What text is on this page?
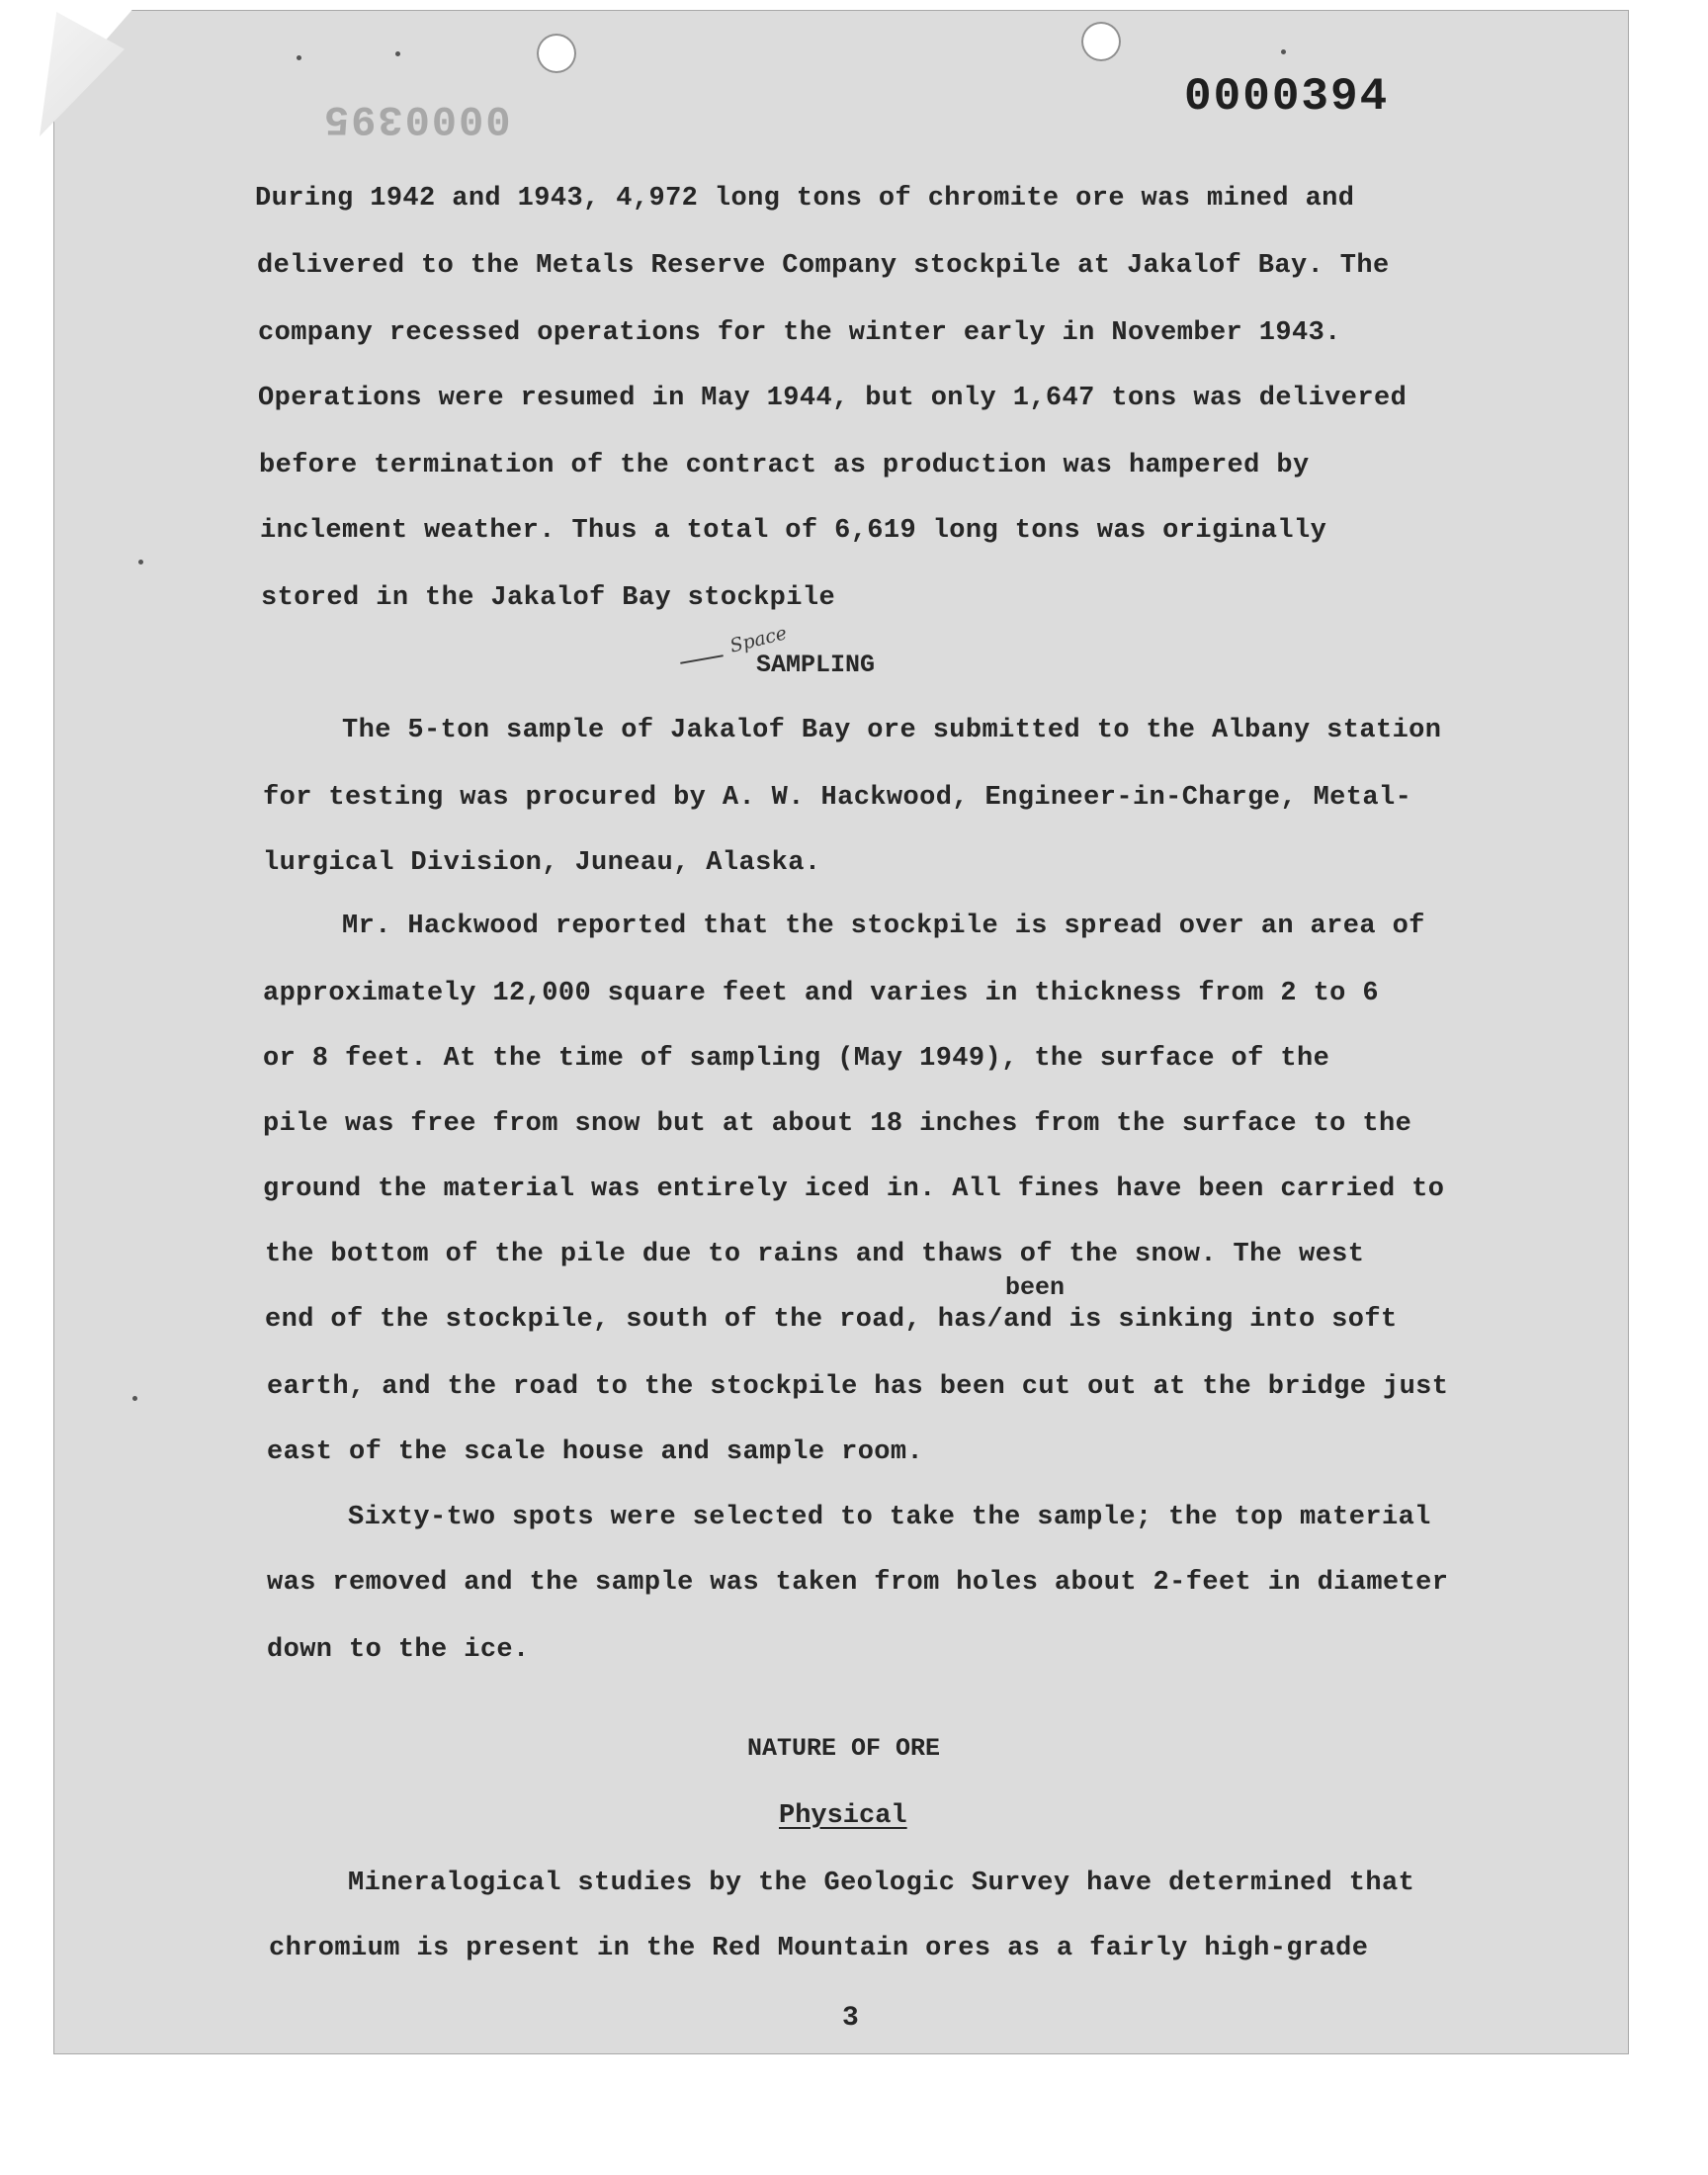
0000394
0000395
During 1942 and 1943, 4,972 long tons of chromite ore was mined and
delivered to the Metals Reserve Company stockpile at Jakalof Bay. The
company recessed operations for the winter early in November 1943.
Operations were resumed in May 1944, but only 1,647 tons was delivered
before termination of the contract as production was hampered by
inclement weather. Thus a total of 6,619 long tons was originally
stored in the Jakalof Bay stockpile
Space
SAMPLING
The 5-ton sample of Jakalof Bay ore submitted to the Albany station
for testing was procured by A. W. Hackwood, Engineer-in-Charge, Metal-
lurgical Division, Juneau, Alaska.
Mr. Hackwood reported that the stockpile is spread over an area of
approximately 12,000 square feet and varies in thickness from 2 to 6
or 8 feet. At the time of sampling (May 1949), the surface of the
pile was free from snow but at about 18 inches from the surface to the
ground the material was entirely iced in. All fines have been carried to
the bottom of the pile due to rains and thaws of the snow. The west
been
end of the stockpile, south of the road, has/and is sinking into soft
earth, and the road to the stockpile has been cut out at the bridge just
east of the scale house and sample room.
Sixty-two spots were selected to take the sample; the top material
was removed and the sample was taken from holes about 2-feet in diameter
down to the ice.
NATURE OF ORE
Physical
Mineralogical studies by the Geologic Survey have determined that
chromium is present in the Red Mountain ores as a fairly high-grade
3
